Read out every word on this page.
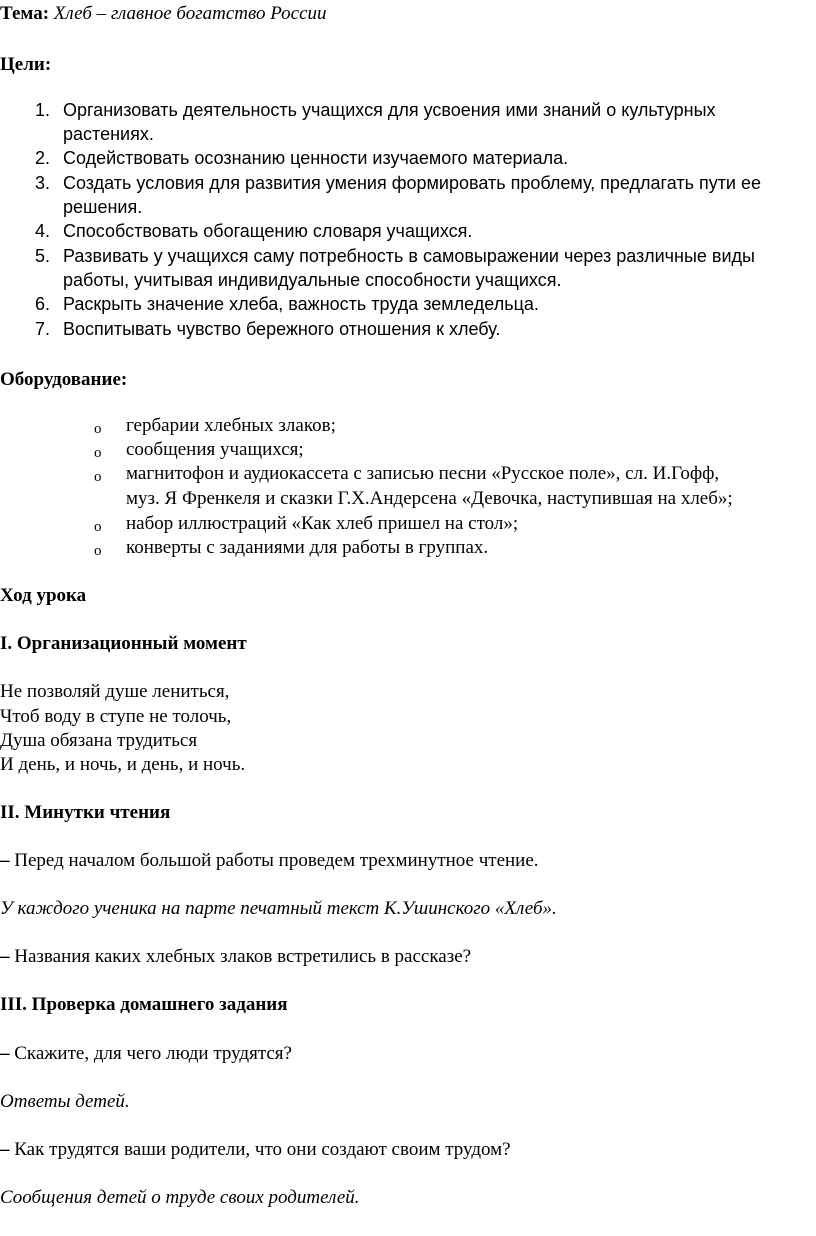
Тема: Хлеб – главное богатство России
Цели:
1. Организовать деятельность учащихся для усвоения ими знаний о культурных
растениях.
2. Содействовать осознанию ценности изучаемого материала.
3. Создать условия для развития умения формировать проблему, предлагать пути ее
решения.
4. Способствовать обогащению словаря учащихся.
5. Развивать у учащихся саму потребность в самовыражении через различные виды
работы, учитывая индивидуальные способности учащихся.
6. Раскрыть значение хлеба, важность труда земледельца.
7. Воспитывать чувство бережного отношения к хлебу.
Оборудование:
o гербарии хлебных злаков;
o сообщения учащихся;
o магнитофон и аудиокассета с записью песни «Русское поле», сл. И.Гофф,
муз. Я Френкеля и сказки Г.Х.Андерсена «Девочка, наступившая на хлеб»;
o набор иллюстраций «Как хлеб пришел на стол»;
o конверты с заданиями для работы в группах.
Ход урока
I. Организационный момент
Не позволяй душе лениться,
Чтоб воду в ступе не толочь,
Душа обязана трудиться
И день, и ночь, и день, и ночь.
II. Минутки чтения
– Перед началом большой работы проведем трехминутное чтение.
У каждого ученика на парте печатный текст К.Ушинского «Хлеб».
– Названия каких хлебных злаков встретились в рассказе?
III. Проверка домашнего задания
– Скажите, для чего люди трудятся?
Ответы детей.
– Как трудятся ваши родители, что они создают своим трудом?
Сообщения детей о труде своих родителей.
